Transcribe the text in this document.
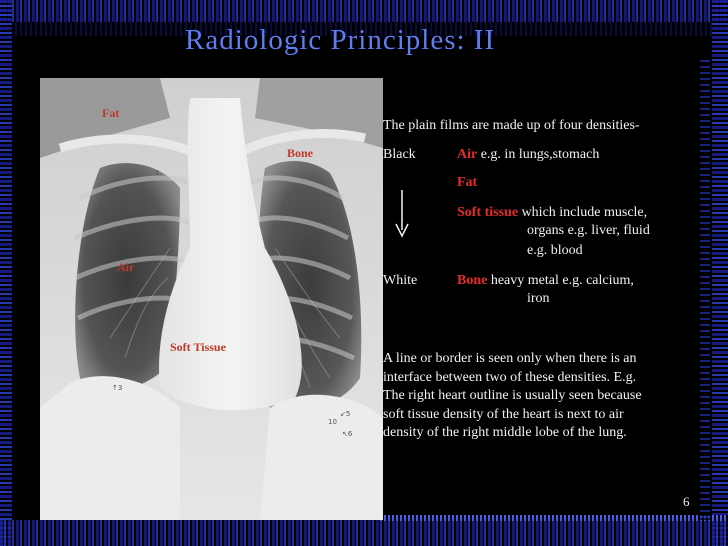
Radiologic Principles: II
1.
3.↑
5.1
7↖
↑3
↙5
10
↖6
Fat
Bone
Air
Soft Tissue
The plain films are made up of four densities-
Black	Air e.g. in lungs,stomach
Fat
Soft tissue which include muscle,
organs e.g. liver, fluid
e.g. blood
White	Bone heavy metal e.g. calcium,
iron
A line or border is seen only when there is an
interface between two of these densities. E.g.
The right heart outline is usually seen because
soft tissue density of the heart is next to air
density of the right middle lobe of the lung.
6
